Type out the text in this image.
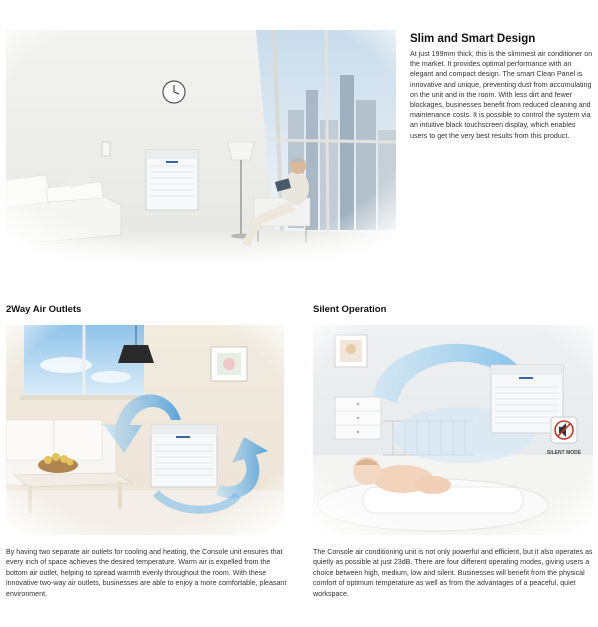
Slim and Smart Design
At just 199mm thick, this is the slimmest air conditioner on the market. It provides optimal performance with an elegant and compact design. The smart Clean Panel is innovative and unique, preventing dust from accumulating on the unit and in the room. With less dirt and fewer blockages, businesses benefit from reduced cleaning and maintenance costs. It is possible to control the system via an intuitive black touchscreen display, which enables users to get the very best results from this product.
2Way Air Outlets
By having two separate air outlets for cooling and heating, the Console unit ensures that every inch of space achieves the desired temperature. Warm air is expelled from the bottom air outlet, helping to spread warmth evenly throughout the room. With these innovative two-way air outlets, businesses are able to enjoy a more comfortable, pleasant environment.
Silent Operation
The Console air conditioning unit is not only powerful and efficient, but it also operates as quietly as possible at just 23dB. There are four different operating modes, giving users a choice between high, medium, low and silent. Businesses will benefit from the physical comfort of optimum temperature as well as from the advantages of a peaceful, quiet workspace.
